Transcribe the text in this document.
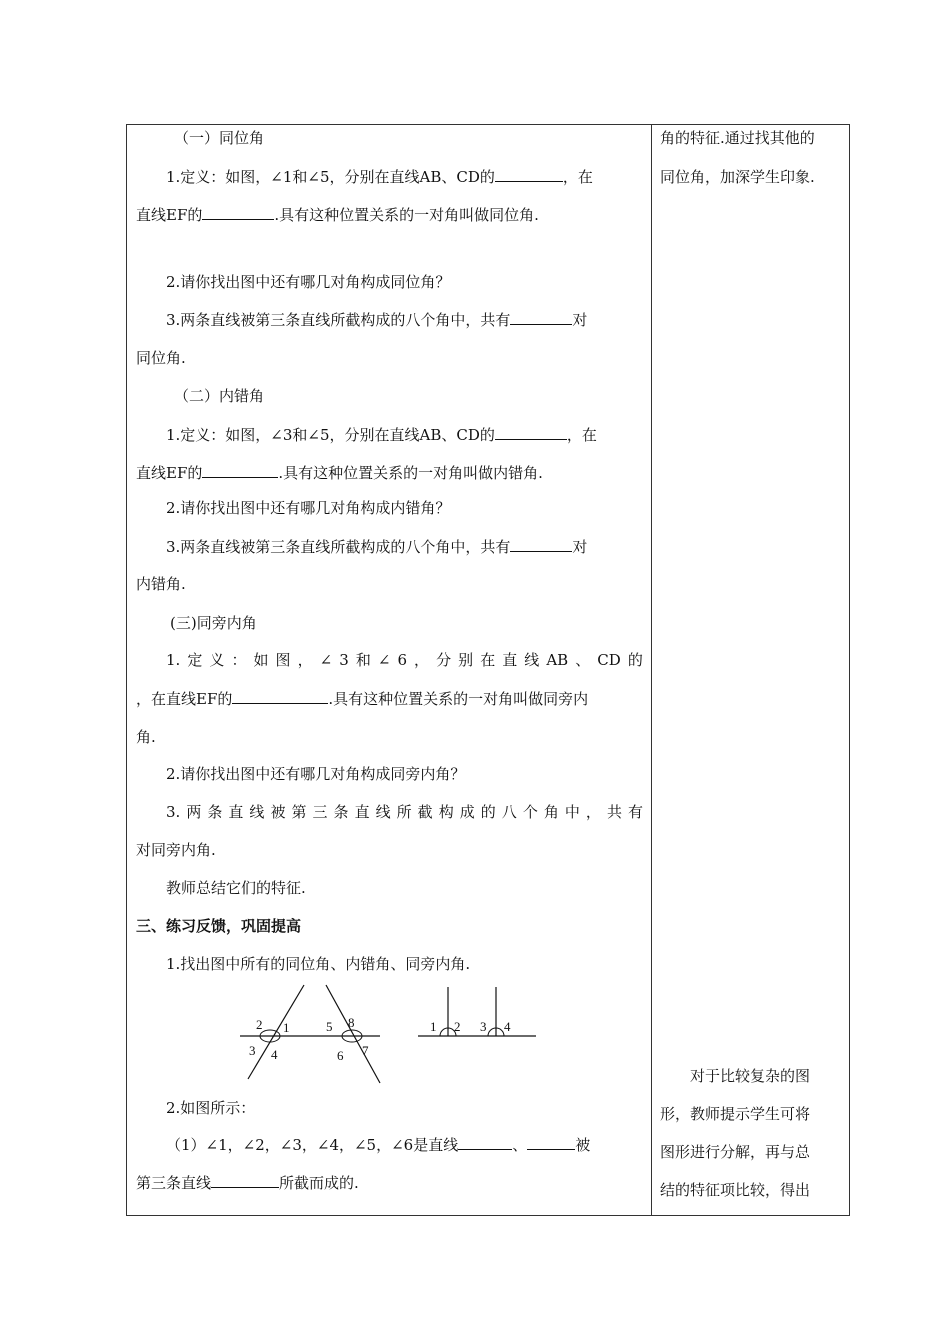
（一）同位角
1.定义：如图，∠1和∠5，分别在直线AB、CD的	，在
直线EF的	.具有这种位置关系的一对角叫做同位角.
2.请你找出图中还有哪几对角构成同位角？
3.两条直线被第三条直线所截构成的八个角中，共有	对
同位角.
（二）内错角
1.定义：如图，∠3和∠5，分别在直线AB、CD的	，在
直线EF的	.具有这种位置关系的一对角叫做内错角.
2.请你找出图中还有哪几对角构成内错角？
3.两条直线被第三条直线所截构成的八个角中，共有	对
内错角.
(三)同旁内角
1. 定 义 ： 如 图 ， ∠ 3 和 ∠ 6 ， 分 别 在 直 线 AB 、 CD 的
，在直线EF的	.具有这种位置关系的一对角叫做同旁内
角.
2.请你找出图中还有哪几对角构成同旁内角？
3. 两 条 直 线 被 第 三 条 直 线 所 截 构 成 的 八 个 角 中 ， 共 有
对同旁内角.
教师总结它们的特征.
三、练习反馈，巩固提高
1.找出图中所有的同位角、内错角、同旁内角.
2 1	5 8
3 4	6 7
1 2 3 4
2.如图所示：
（1）∠1，∠2，∠3，∠4，∠5，∠6是直线	、	被
第三条直线	所截而成的.
角的特征.通过找其他的
同位角，加深学生印象.
对于比较复杂的图
形，教师提示学生可将
图形进行分解，再与总
结的特征项比较，得出
